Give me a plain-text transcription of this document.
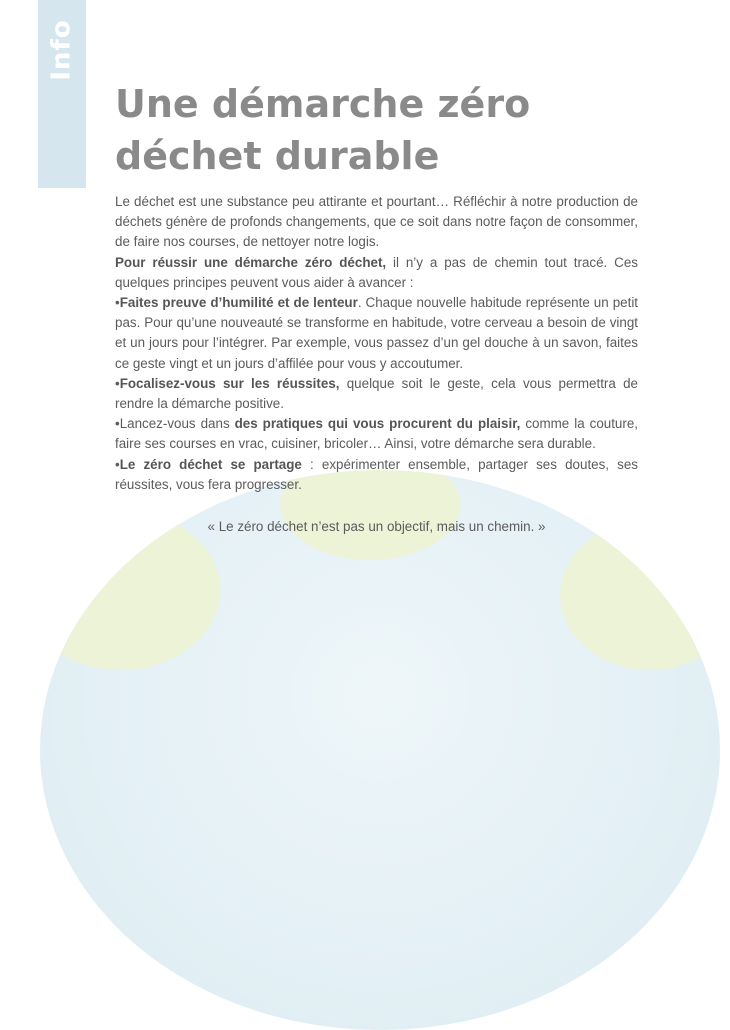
Info
Une démarche zéro
déchet durable

Le déchet est une substance peu attirante et pourtant… Réfléchir à notre production de déchets génère de profonds changements, que ce soit dans notre façon de consommer, de faire nos courses, de nettoyer notre logis.

Pour réussir une démarche zéro déchet, il n’y a pas de chemin tout tracé. Ces quelques principes peuvent vous aider à avancer :

•Faites preuve d’humilité et de lenteur. Chaque nouvelle habitude représente un petit pas. Pour qu’une nouveauté se transforme en habitude, votre cerveau a besoin de vingt et un jours pour l’intégrer. Par exemple, vous passez d’un gel douche à un savon, faites ce geste vingt et un jours d’affilée pour vous y accoutumer.

•Focalisez-vous sur les réussites, quelque soit le geste, cela vous permettra de rendre la démarche positive.

•Lancez-vous dans des pratiques qui vous procurent du plaisir, comme la couture, faire ses courses en vrac, cuisiner, bricoler… Ainsi, votre démarche sera durable.

•Le zéro déchet se partage : expérimenter ensemble, partager ses doutes, ses réussites, vous fera progresser.

« Le zéro déchet n’est pas un objectif, mais un chemin. »
